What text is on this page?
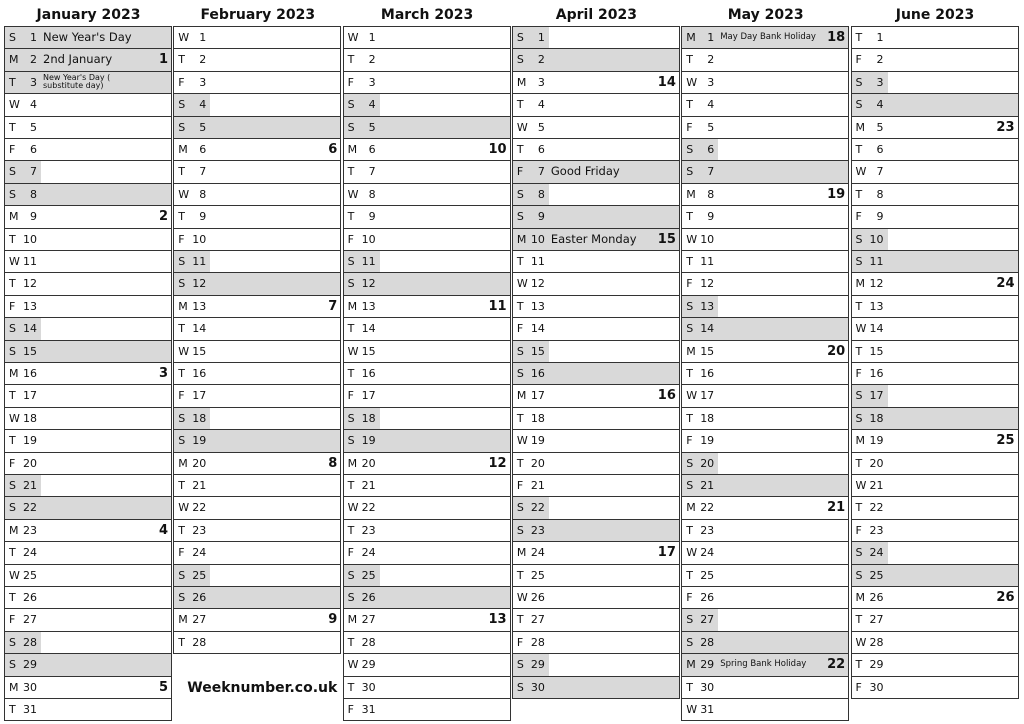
January 2023
S	1 New Year's Day
M	2 2nd January	1
T	3 New Year's Day ( substitute day)
W 4
T	5
F	6
S	7
S	8
M	9	2
T 10
W 11
T 12
F 13
S 14
S 15
M 16	3
T 17
W 18
T 19
F 20
S 21
S 22
M 23	4
T 24
W 25
T 26
F 27
S 28
S 29
M 30	5
T 31
February 2023
W 1
T	2
F	3
S	4
S	5
M	6	6
T	7
W 8
T	9
F 10
S 11
S 12
M 13	7
T 14
W 15
T 16
F 17
S 18
S 19
M 20	8
T 21
W 22
T 23
F 24
S 25
S 26
M 27	9
T 28
March 2023
W 1
T	2
F	3
S	4
S	5
M	6	10
T	7
W 8
T	9
F 10
S 11
S 12
M 13	11
T 14
W 15
T 16
F 17
S 18
S 19
M 20	12
T 21
W 22
T 23
F 24
S 25
S 26
M 27	13
T 28
W 29
T 30
F 31
April 2023
S	1
S	2
M	3	14
T	4
W 5
T	6
F	7 Good Friday
S	8
S	9
M 10 Easter Monday 15
T 11
W 12
T 13
F 14
S 15
S 16
M 17	16
T 18
W 19
T 20
F 21
S 22
S 23
M 24	17
T 25
W 26
T 27
F 28
S 29
S 30
May 2023
M	1 May Day Bank Holiday 18
T	2
W 3
T	4
F	5
S	6
S	7
M	8	19
T	9
W 10
T 11
F 12
S 13
S 14
M 15	20
T 16
W 17
T 18
F 19
S 20
S 21
M 22	21
T 23
W 24
T 25
F 26
S 27
S 28
M 29 Spring Bank Holiday 22
T 30
W 31
June 2023
T	1
F	2
S	3
S	4
M	5	23
T	6
W 7
T	8
F	9
S 10
S 11
M 12	24
T 13
W 14
T 15
F 16
S 17
S 18
M 19	25
T 20
W 21
T 22
F 23
S 24
S 25
M 26	26
T 27
W 28
T 29
F 30
Weeknumber.co.uk
